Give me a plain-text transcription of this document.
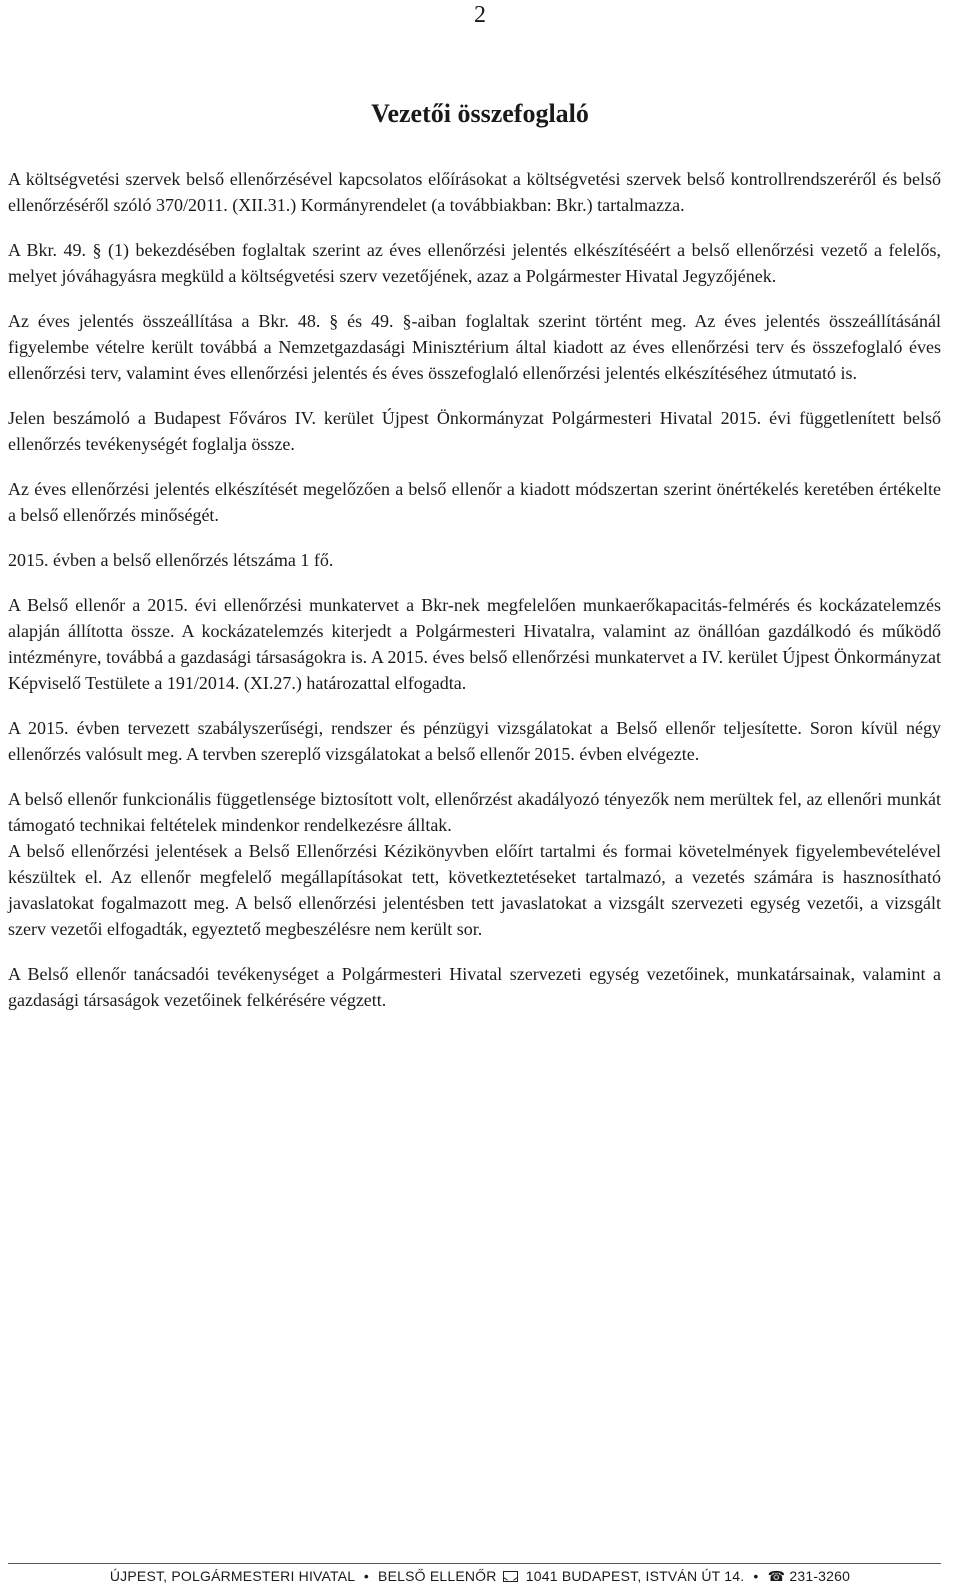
2
Vezetői összefoglaló

A költségvetési szervek belső ellenőrzésével kapcsolatos előírásokat a költségvetési szervek belső kontrollrendszeréről és belső ellenőrzéséről szóló 370/2011. (XII.31.) Kormányrendelet (a továbbiakban: Bkr.) tartalmazza.

A Bkr. 49. § (1) bekezdésében foglaltak szerint az éves ellenőrzési jelentés elkészítéséért a belső ellenőrzési vezető a felelős, melyet jóváhagyásra megküld a költségvetési szerv vezetőjének, azaz a Polgármester Hivatal Jegyzőjének.

Az éves jelentés összeállítása a Bkr. 48. § és 49. §-aiban foglaltak szerint történt meg. Az éves jelentés összeállításánál figyelembe vételre került továbbá a Nemzetgazdasági Minisztérium által kiadott az éves ellenőrzési terv és összefoglaló éves ellenőrzési terv, valamint éves ellenőrzési jelentés és éves összefoglaló ellenőrzési jelentés elkészítéséhez útmutató is.

Jelen beszámoló a Budapest Főváros IV. kerület Újpest Önkormányzat Polgármesteri Hivatal 2015. évi függetlenített belső ellenőrzés tevékenységét foglalja össze.

Az éves ellenőrzési jelentés elkészítését megelőzően a belső ellenőr a kiadott módszertan szerint önértékelés keretében értékelte a belső ellenőrzés minőségét.

2015. évben a belső ellenőrzés létszáma 1 fő.

A Belső ellenőr a 2015. évi ellenőrzési munkatervet a Bkr-nek megfelelően munkaerőkapacitás-felmérés és kockázatelemzés alapján állította össze. A kockázatelemzés kiterjedt a Polgármesteri Hivatalra, valamint az önállóan gazdálkodó és működő intézményre, továbbá a gazdasági társaságokra is. A 2015. éves belső ellenőrzési munkatervet a IV. kerület Újpest Önkormányzat Képviselő Testülete a 191/2014. (XI.27.) határozattal elfogadta.

A 2015. évben tervezett szabályszerűségi, rendszer és pénzügyi vizsgálatokat a Belső ellenőr teljesítette. Soron kívül négy ellenőrzés valósult meg. A tervben szereplő vizsgálatokat a belső ellenőr 2015. évben elvégezte.

A belső ellenőr funkcionális függetlensége biztosított volt, ellenőrzést akadályozó tényezők nem merültek fel, az ellenőri munkát támogató technikai feltételek mindenkor rendelkezésre álltak.

A belső ellenőrzési jelentések a Belső Ellenőrzési Kézikönyvben előírt tartalmi és formai követelmények figyelembevételével készültek el. Az ellenőr megfelelő megállapításokat tett, következtetéseket tartalmazó, a vezetés számára is hasznosítható javaslatokat fogalmazott meg. A belső ellenőrzési jelentésben tett javaslatokat a vizsgált szervezeti egység vezetői, a vizsgált szerv vezetői elfogadták, egyeztető megbeszélésre nem került sor.

A Belső ellenőr tanácsadói tevékenységet a Polgármesteri Hivatal szervezeti egység vezetőinek, munkatársainak, valamint a gazdasági társaságok vezetőinek felkérésére végzett.

ÚJPEST, POLGÁRMESTERI HIVATAL • BELSŐ ELLENŐR 1041 BUDAPEST, ISTVÁN ÚT 14. • ☎ 231-3260
